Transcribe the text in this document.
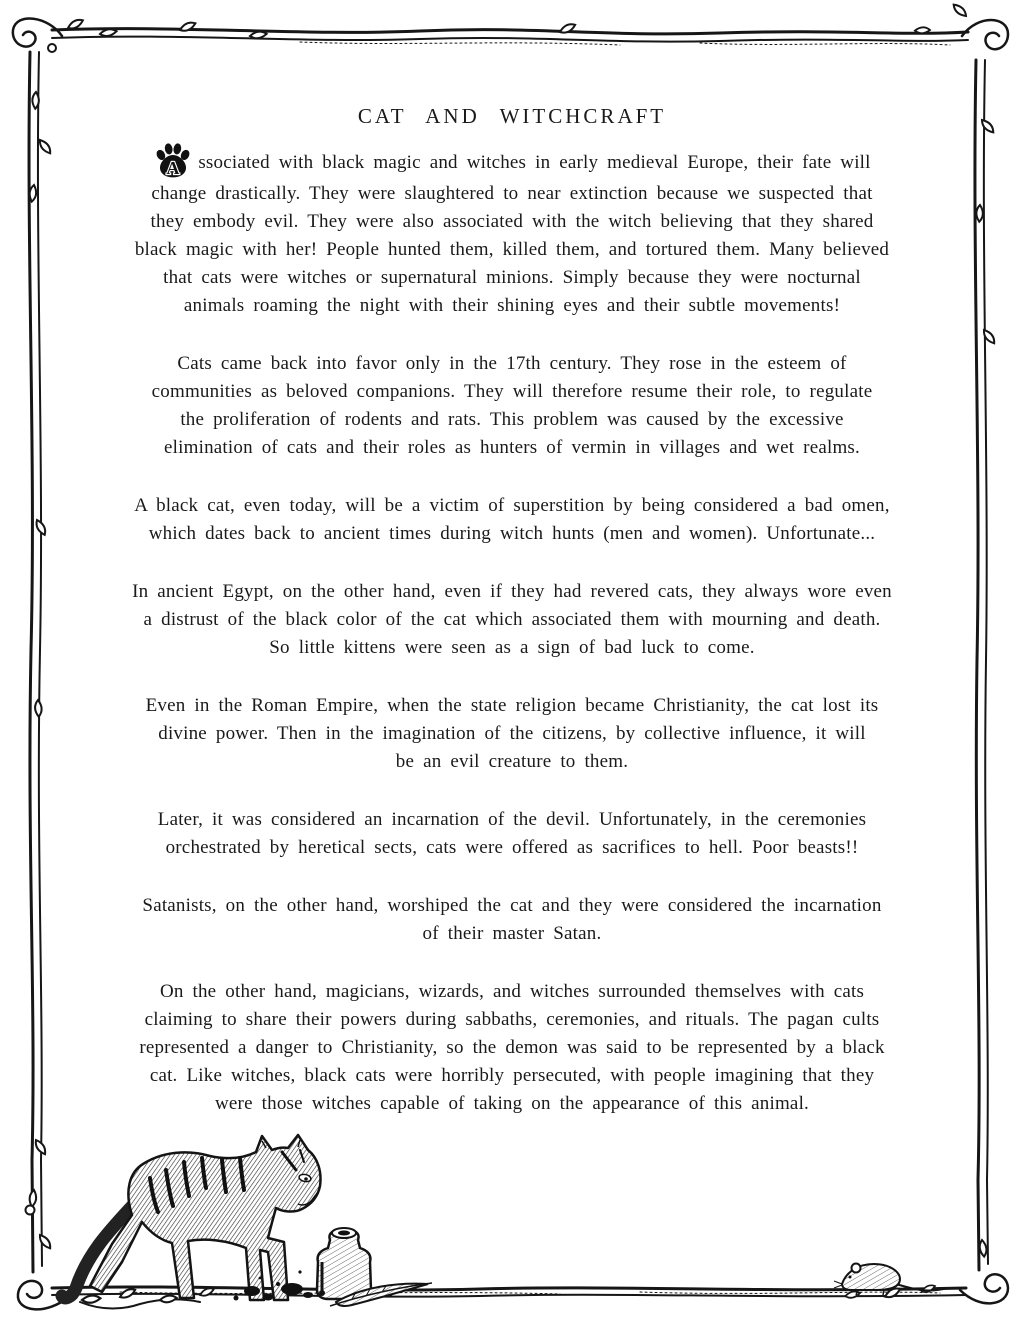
CAT AND WITCHCRAFT
A ssociated with black magic and witches in early medieval Europe, their fate will
change drastically. They were slaughtered to near extinction because we suspected that
they embody evil. They were also associated with the witch believing that they shared
black magic with her! People hunted them, killed them, and tortured them. Many believed
that cats were witches or supernatural minions. Simply because they were nocturnal
animals roaming the night with their shining eyes and their subtle movements!
Cats came back into favor only in the 17th century. They rose in the esteem of
communities as beloved companions. They will therefore resume their role, to regulate
the proliferation of rodents and rats. This problem was caused by the excessive
elimination of cats and their roles as hunters of vermin in villages and wet realms.
A black cat, even today, will be a victim of superstition by being considered a bad omen,
which dates back to ancient times during witch hunts (men and women). Unfortunate...
In ancient Egypt, on the other hand, even if they had revered cats, they always wore even
a distrust of the black color of the cat which associated them with mourning and death.
So little kittens were seen as a sign of bad luck to come.
Even in the Roman Empire, when the state religion became Christianity, the cat lost its
divine power. Then in the imagination of the citizens, by collective influence, it will
be an evil creature to them.
Later, it was considered an incarnation of the devil. Unfortunately, in the ceremonies
orchestrated by heretical sects, cats were offered as sacrifices to hell. Poor beasts!!
Satanists, on the other hand, worshiped the cat and they were considered the incarnation
of their master Satan.
On the other hand, magicians, wizards, and witches surrounded themselves with cats
claiming to share their powers during sabbaths, ceremonies, and rituals. The pagan cults
represented a danger to Christianity, so the demon was said to be represented by a black
cat. Like witches, black cats were horribly persecuted, with people imagining that they
were those witches capable of taking on the appearance of this animal.
